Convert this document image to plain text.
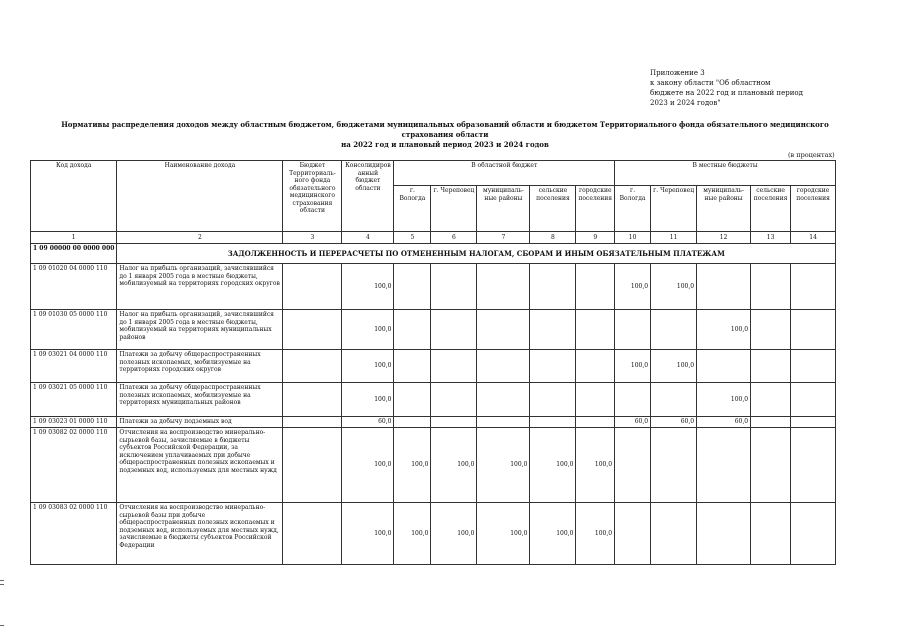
Приложение 3
к закону области "Об областном
бюджете на 2022 год и плановый период
2023 и 2024 годов"
Нормативы распределения доходов между областным бюджетом, бюджетами муниципальных образований области и бюджетом Территориального фонда обязательного медицинского страхования области
на 2022 год и плановый период 2023 и 2024 годов
(в процентах)
Код дохода	Наименование дохода	Бюджет Территориаль-ного фонда обязательного медицинского страхования области	Консолидиров анный бюджет области	В областной бюджет					В местные бюджеты				
				г. Вологда	г. Череповец	муниципаль-ные районы	сельские поселения	городские поселения	г. Вологда	г. Череповец	муниципаль-ные районы	сельские поселения	городские поселения
1	2	3	4	5	6	7	8	9	10	11	12	13	14
1 09 00000 00 0000 000	ЗАДОЛЖЕННОСТЬ И ПЕРЕРАСЧЕТЫ ПО ОТМЕНЕННЫМ НАЛОГАМ, СБОРАМ И ИНЫМ ОБЯЗАТЕЛЬНЫМ ПЛАТЕЖАМ												
1 09 01020 04 0000 110	Налог на прибыль организаций, зачислявшийся до 1 января 2005 года в местные бюджеты, мобилизуемый на территориях городских округов		100,0						100,0	100,0			
1 09 01030 05 0000 110	Налог на прибыль организаций, зачислявшийся до 1 января 2005 года в местные бюджеты, мобилизуемый на территориях муниципальных районов		100,0								100,0		
1 09 03021 04 0000 110	Платежи за добычу общераспространенных полезных ископаемых, мобилизуемые на территориях городских округов		100,0						100,0	100,0			
1 09 03021 05 0000 110	Платежи за добычу общераспространенных полезных ископаемых, мобилизуемые на территориях муниципальных районов		100,0								100,0		
1 09 03023 01 0000 110	Платежи за добычу подземных вод		60,0						60,0	60,0	60,0		
1 09 03082 02 0000 110	Отчисления на воспроизводство минерально-сырьевой базы, зачисляемые в бюджеты субъектов Российской Федерации, за исключением уплачиваемых при добыче общераспространенных полезных ископаемых и подземных вод, используемых для местных нужд		100,0	100,0	100,0	100,0	100,0	100,0					
1 09 03083 02 0000 110	Отчисления на воспроизводство минерально-сырьевой базы при добыче общераспространенных полезных ископаемых и подземных вод, используемых для местных нужд, зачисляемые в бюджеты субъектов Российской Федерации		100,0	100,0	100,0	100,0	100,0	100,0					
